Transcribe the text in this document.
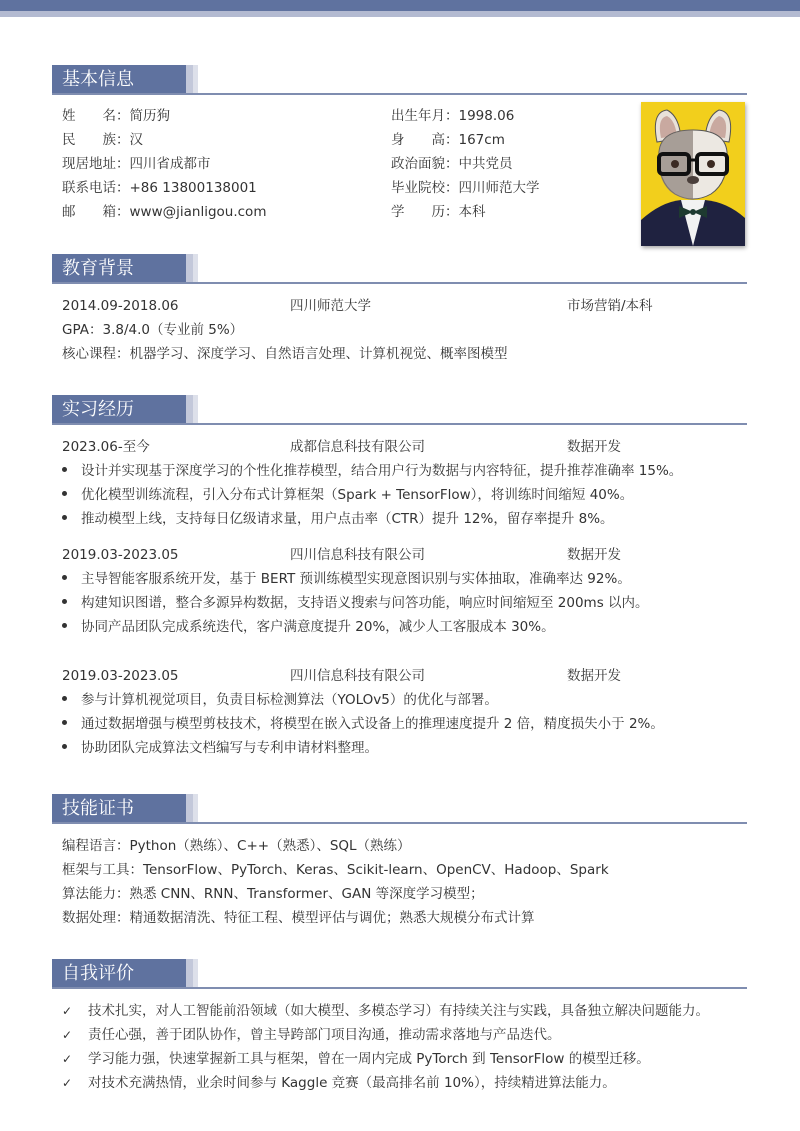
基本信息
姓　　名：简历狗
民　　族：汉
现居地址：四川省成都市
联系电话：+86 13800138001
邮　　箱：www@jianligou.com
出生年月：1998.06
身　　高：167cm
政治面貌：中共党员
毕业院校：四川师范大学
学　　历：本科
教育背景
2014.09-2018.06	四川师范大学	市场营销/本科
GPA：3.8/4.0（专业前 5%）
核心课程：机器学习、深度学习、自然语言处理、计算机视觉、概率图模型
实习经历
2023.06-至今	成都信息科技有限公司	数据开发
设计并实现基于深度学习的个性化推荐模型，结合用户行为数据与内容特征，提升推荐准确率 15%。
优化模型训练流程，引入分布式计算框架（Spark + TensorFlow），将训练时间缩短 40%。
推动模型上线，支持每日亿级请求量，用户点击率（CTR）提升 12%，留存率提升 8%。
2019.03-2023.05	四川信息科技有限公司	数据开发
主导智能客服系统开发，基于 BERT 预训练模型实现意图识别与实体抽取，准确率达 92%。
构建知识图谱，整合多源异构数据，支持语义搜索与问答功能，响应时间缩短至 200ms 以内。
协同产品团队完成系统迭代，客户满意度提升 20%，减少人工客服成本 30%。
2019.03-2023.05	四川信息科技有限公司	数据开发
参与计算机视觉项目，负责目标检测算法（YOLOv5）的优化与部署。
通过数据增强与模型剪枝技术，将模型在嵌入式设备上的推理速度提升 2 倍，精度损失小于 2%。
协助团队完成算法文档编写与专利申请材料整理。
技能证书
编程语言：Python（熟练）、C++（熟悉）、SQL（熟练）
框架与工具：TensorFlow、PyTorch、Keras、Scikit-learn、OpenCV、Hadoop、Spark
算法能力：熟悉 CNN、RNN、Transformer、GAN 等深度学习模型；
数据处理：精通数据清洗、特征工程、模型评估与调优；熟悉大规模分布式计算
自我评价
✓ 技术扎实，对人工智能前沿领域（如大模型、多模态学习）有持续关注与实践，具备独立解决问题能力。
✓ 责任心强，善于团队协作，曾主导跨部门项目沟通，推动需求落地与产品迭代。
✓ 学习能力强，快速掌握新工具与框架，曾在一周内完成 PyTorch 到 TensorFlow 的模型迁移。
✓ 对技术充满热情，业余时间参与 Kaggle 竞赛（最高排名前 10%），持续精进算法能力。
